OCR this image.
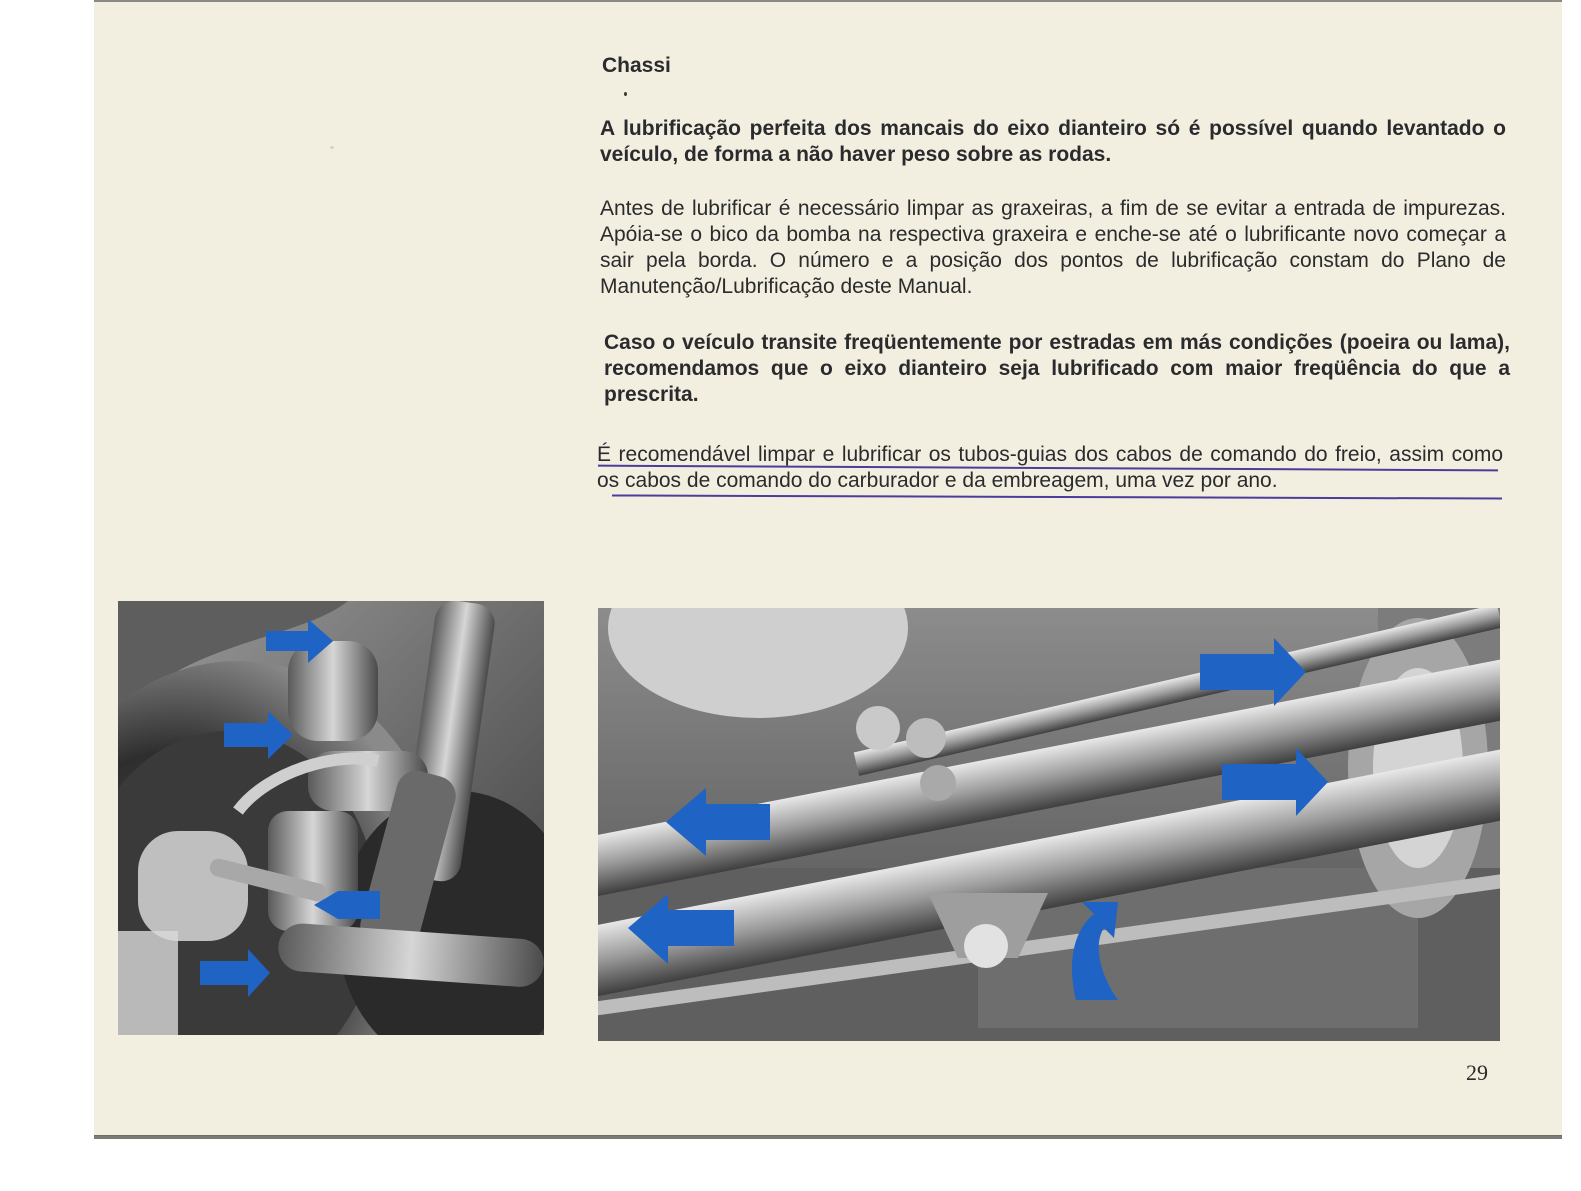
Chassi
A lubrificação perfeita dos mancais do eixo dianteiro só é possível quando levantado o veículo, de forma a não haver peso sobre as rodas.
Antes de lubrificar é necessário limpar as graxeiras, a fim de se evitar a entrada de impurezas. Apóia-se o bico da bomba na respectiva graxeira e enche-se até o lubrificante novo começar a sair pela borda. O número e a posição dos pontos de lubrificação constam do Plano de Manutenção/Lubrificação deste Manual.
Caso o veículo transite freqüentemente por estradas em más condições (poeira ou lama), recomendamos que o eixo dianteiro seja lubrificado com maior freqüência do que a prescrita.
É recomendável limpar e lubrificar os tubos-guias dos cabos de comando do freio, assim como os cabos de comando do carburador e da embreagem, uma vez por ano.
29
